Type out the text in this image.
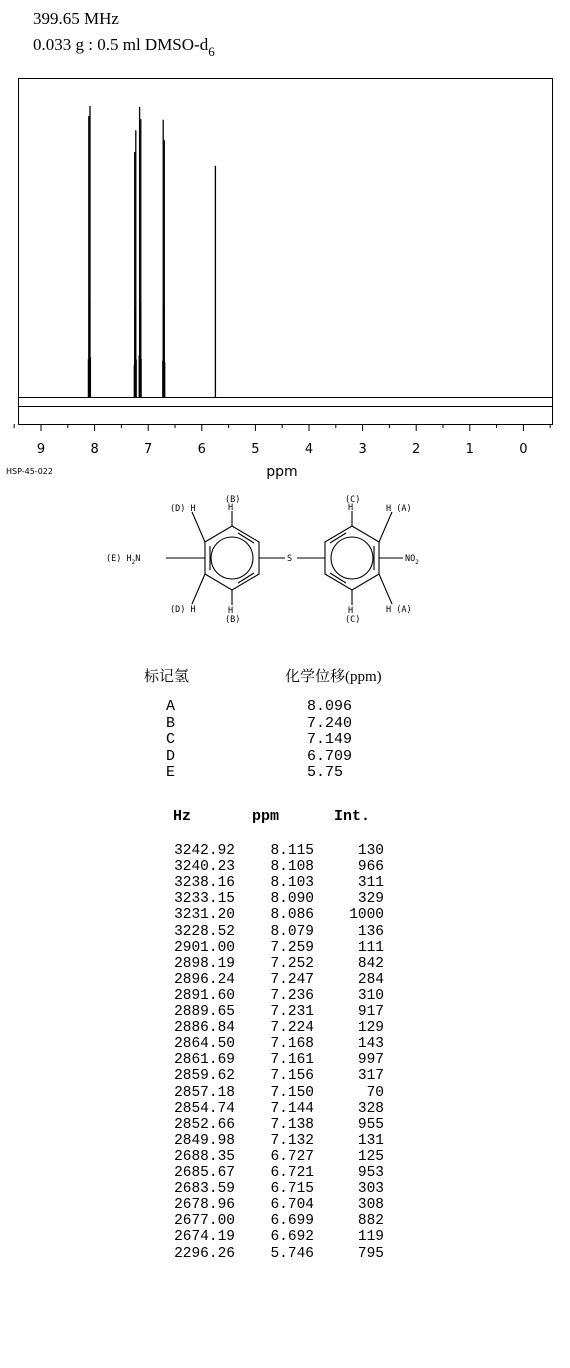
399.65 MHz
0.033 g : 0.5 ml DMSO-$d_6$
9	8	7	6	5	4	3	2	1	0
ppm
HSP-45-022
(D) H
(B)
H
(C)
H	H (A)
(E) $H_2N$	S	$NO_2$
(D) H	H
(B)
H
(C)
H (A)
标记氢	化学位移(ppm)
A	8.096
B	7.240
C	7.149
D	6.709
E	5.75
Hz	ppm	Int.
3242.92 8.115	130
3240.23 8.108	966
3238.16 8.103	311
3233.15 8.090	329
3231.20 8.086 1000
3228.52 8.079	136
2901.00 7.259	111
2898.19 7.252	842
2896.24 7.247	284
2891.60 7.236	310
2889.65 7.231	917
2886.84 7.224	129
2864.50 7.168	143
2861.69 7.161	997
2859.62 7.156	317
2857.18 7.150	70
2854.74 7.144	328
2852.66 7.138	955
2849.98 7.132	131
2688.35 6.727	125
2685.67 6.721	953
2683.59 6.715	303
2678.96 6.704	308
2677.00 6.699	882
2674.19 6.692	119
2296.26 5.746	795
